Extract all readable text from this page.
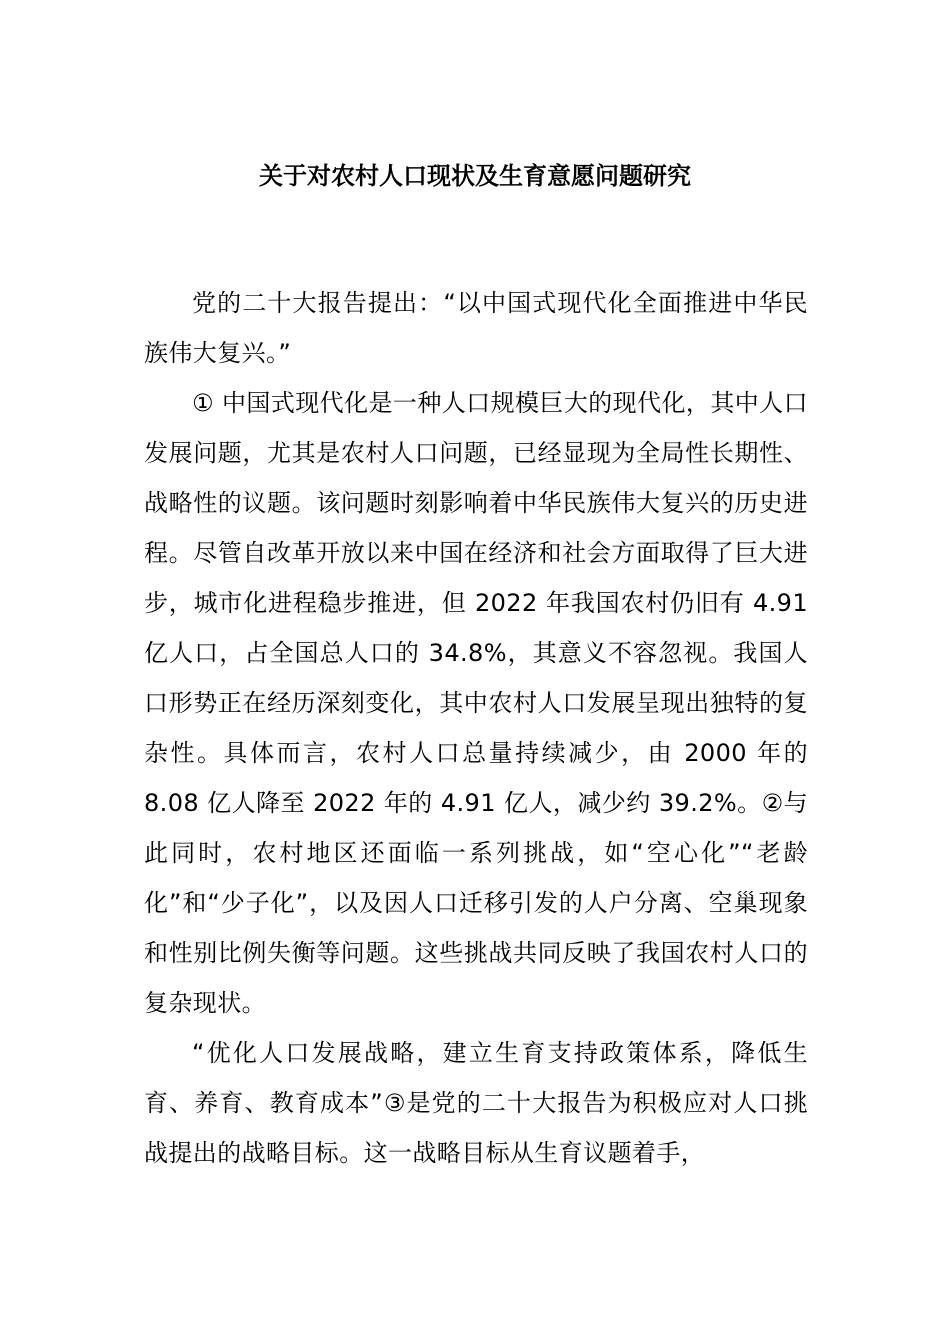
关于对农村人口现状及生育意愿问题研究

党的二十大报告提出：“以中国式现代化全面推进中华民族伟大复兴。”

① 中国式现代化是一种人口规模巨大的现代化，其中人口发展问题，尤其是农村人口问题，已经显现为全局性长期性、战略性的议题。该问题时刻影响着中华民族伟大复兴的历史进程。尽管自改革开放以来中国在经济和社会方面取得了巨大进步，城市化进程稳步推进，但 2022 年我国农村仍旧有 4.91 亿人口，占全国总人口的 34.8%，其意义不容忽视。我国人口形势正在经历深刻变化，其中农村人口发展呈现出独特的复杂性。具体而言，农村人口总量持续减少，由 2000 年的 8.08 亿人降至 2022 年的 4.91 亿人，减少约 39.2%。②与此同时，农村地区还面临一系列挑战，如“空心化”“老龄化”和“少子化”，以及因人口迁移引发的人户分离、空巢现象和性别比例失衡等问题。这些挑战共同反映了我国农村人口的复杂现状。

“优化人口发展战略，建立生育支持政策体系，降低生育、养育、教育成本”③是党的二十大报告为积极应对人口挑战提出的战略目标。这一战略目标从生育议题着手，
